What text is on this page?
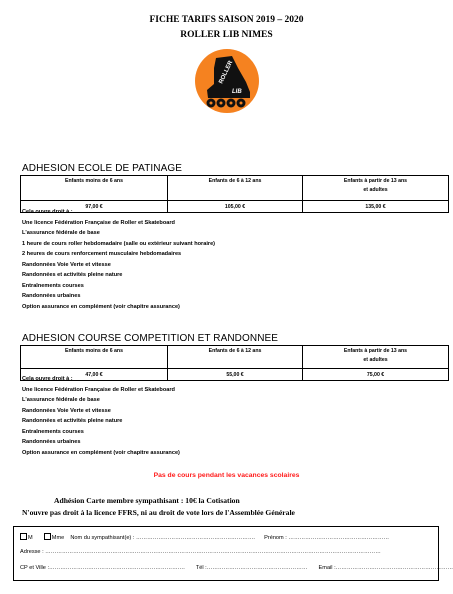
FICHE TARIFS SAISON 2019 – 2020
ROLLER LIB NIMES
ROLLER
LIB
ADHESION ECOLE DE PATINAGE
Enfants moins de 6 ans	Enfants de 6 à 12 ans	Enfants à partir de 13 ans
et adultes
97,00 €	105,00 €	135,00 €
Cela ouvre droit à :
Une licence Fédération Française de Roller et Skateboard
L'assurance fédérale de base
1 heure de cours roller hebdomadaire (salle ou extérieur suivant horaire)
2 heures de cours renforcement musculaire hebdomadaires
Randonnées Voie Verte et vitesse
Randonnées et activités pleine nature
Entraînements courses
Randonnées urbaines
Option assurance en complément (voir chapitre assurance)
ADHESION COURSE COMPETITION ET RANDONNEE
Enfants moins de 6 ans	Enfants de 6 à 12 ans	Enfants à partir de 13 ans
et adultes
47,00 €	55,00 €	75,00 €
Cela ouvre droit à :
Une licence Fédération Française de Roller et Skateboard
L'assurance fédérale de base
Randonnées Voie Verte et vitesse
Randonnées et activités pleine nature
Entraînements courses
Randonnées urbaines
Option assurance en complément (voir chapitre assurance)
Pas de cours pendant les vacances scolaires
Adhésion Carte membre sympathisant : 10€ la Cotisation
N'ouvre pas droit à la licence FFRS, ni au droit de vote lors de l'Assemblée Générale
M	Mme Nom du sympathisant(e) : ………………………………………………………. Prénom : ………………………………………………
Adresse : ………………………………………………………………………………………………………………………………………………………………
CP et Ville :………………………………………………………………. Tél :……………………………………………… Email :………………………………………………………
